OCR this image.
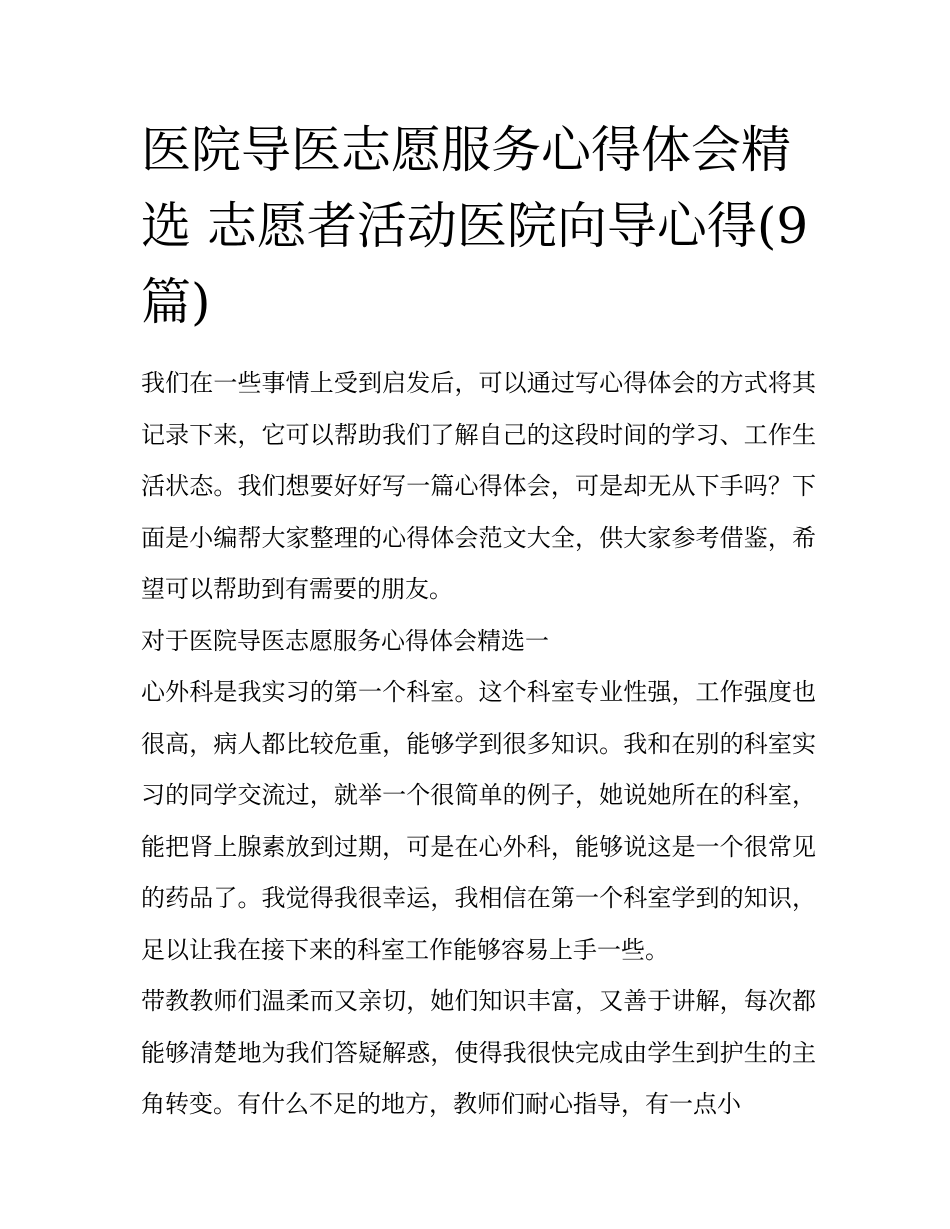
医院导医志愿服务心得体会精选 志愿者活动医院向导心得(9篇)

我们在一些事情上受到启发后，可以通过写心得体会的方式将其记录下来，它可以帮助我们了解自己的这段时间的学习、工作生活状态。我们想要好好写一篇心得体会，可是却无从下手吗？下面是小编帮大家整理的心得体会范文大全，供大家参考借鉴，希望可以帮助到有需要的朋友。

对于医院导医志愿服务心得体会精选一

心外科是我实习的第一个科室。这个科室专业性强，工作强度也很高，病人都比较危重，能够学到很多知识。我和在别的科室实习的同学交流过，就举一个很简单的例子，她说她所在的科室，能把肾上腺素放到过期，可是在心外科，能够说这是一个很常见的药品了。我觉得我很幸运，我相信在第一个科室学到的知识，足以让我在接下来的科室工作能够容易上手一些。

带教教师们温柔而又亲切，她们知识丰富，又善于讲解，每次都能够清楚地为我们答疑解惑，使得我很快完成由学生到护生的主角转变。有什么不足的地方，教师们耐心指导，有一点小
